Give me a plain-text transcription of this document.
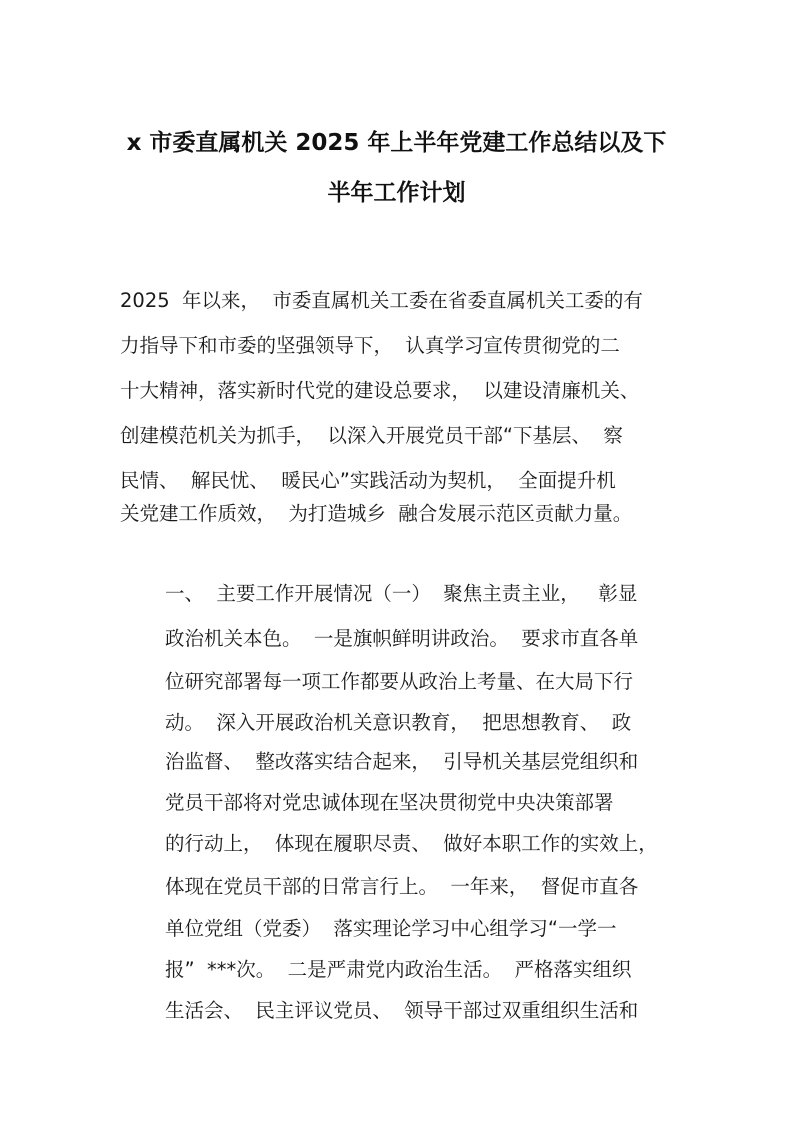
x 市委直属机关 2025 年上半年党建工作总结以及下
半年工作计划
2025  年以来，  市委直属机关工委在省委直属机关工委的有
力指导下和市委的坚强领导下，  认真学习宣传贯彻党的二
十大精神，落实新时代党的建设总要求，  以建设清廉机关、
创建模范机关为抓手，  以深入开展党员干部“下基层、  察
民情、  解民忧、  暖民心”实践活动为契机，  全面提升机
关党建工作质效，  为打造城乡  融合发展示范区贡献力量。
一、  主要工作开展情况（一）  聚焦主责主业，   彰显
政治机关本色。  一是旗帜鲜明讲政治。  要求市直各单
位研究部署每一项工作都要从政治上考量、在大局下行
动。  深入开展政治机关意识教育，  把思想教育、  政
治监督、  整改落实结合起来，  引导机关基层党组织和
党员干部将对党忠诚体现在坚决贯彻党中央决策部署
的行动上，  体现在履职尽责、  做好本职工作的实效上，
体现在党员干部的日常言行上。  一年来，  督促市直各
单位党组（党委）  落实理论学习中心组学习“一学一
报”  ***次。  二是严肃党内政治生活。  严格落实组织
生活会、  民主评议党员、  领导干部过双重组织生活和
